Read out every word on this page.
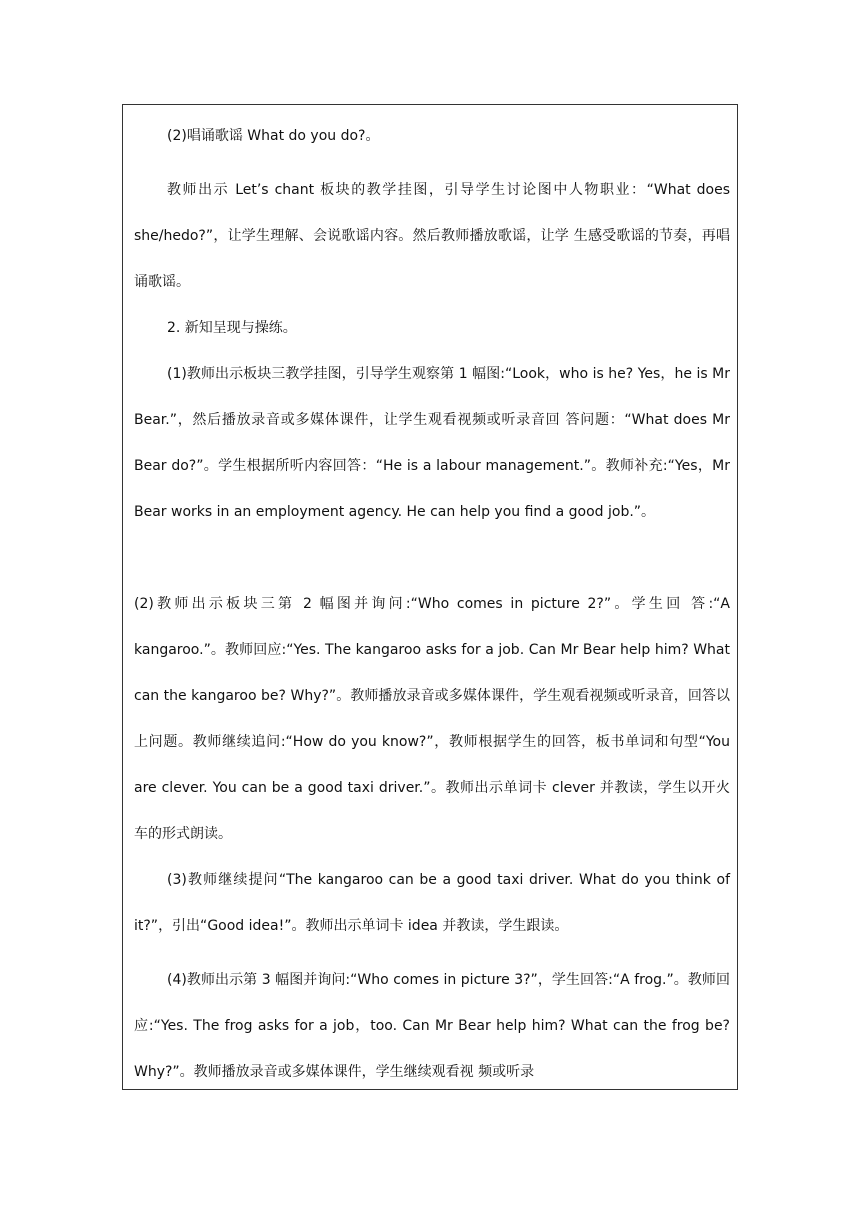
(2)唱诵歌谣 What do you do?。

教师出示 Let’s chant 板块的教学挂图，引导学生讨论图中人物职业：“What does she/hedo?”，让学生理解、会说歌谣内容。然后教师播放歌谣，让学 生感受歌谣的节奏，再唱诵歌谣。

2. 新知呈现与操练。

(1)教师出示板块三教学挂图，引导学生观察第 1 幅图:“Look，who is he? Yes，he is Mr Bear.”，然后播放录音或多媒体课件，让学生观看视频或听录音回 答问题：“What does Mr Bear do?”。学生根据所听内容回答：“He is a labour management.”。教师补充:“Yes，Mr Bear works in an employment agency. He can help you find a good job.”。

(2)教师出示板块三第 2 幅图并询问:“Who comes in picture 2?”。学生回 答:“A kangaroo.”。教师回应:“Yes. The kangaroo asks for a job. Can Mr Bear help him? What can the kangaroo be? Why?”。教师播放录音或多媒体课件，学生观看视频或听录音，回答以上问题。教师继续追问:“How do you know?”，教师根据学生的回答，板书单词和句型“You are clever. You can be a good taxi driver.”。教师出示单词卡 clever 并教读，学生以开火车的形式朗读。

(3)教师继续提问“The kangaroo can be a good taxi driver. What do you think of it?”，引出“Good idea!”。教师出示单词卡 idea 并教读，学生跟读。

(4)教师出示第 3 幅图并询问:“Who comes in picture 3?”，学生回答:“A frog.”。教师回应:“Yes. The frog asks for a job，too. Can Mr Bear help him? What can the frog be? Why?”。教师播放录音或多媒体课件，学生继续观看视 频或听录
